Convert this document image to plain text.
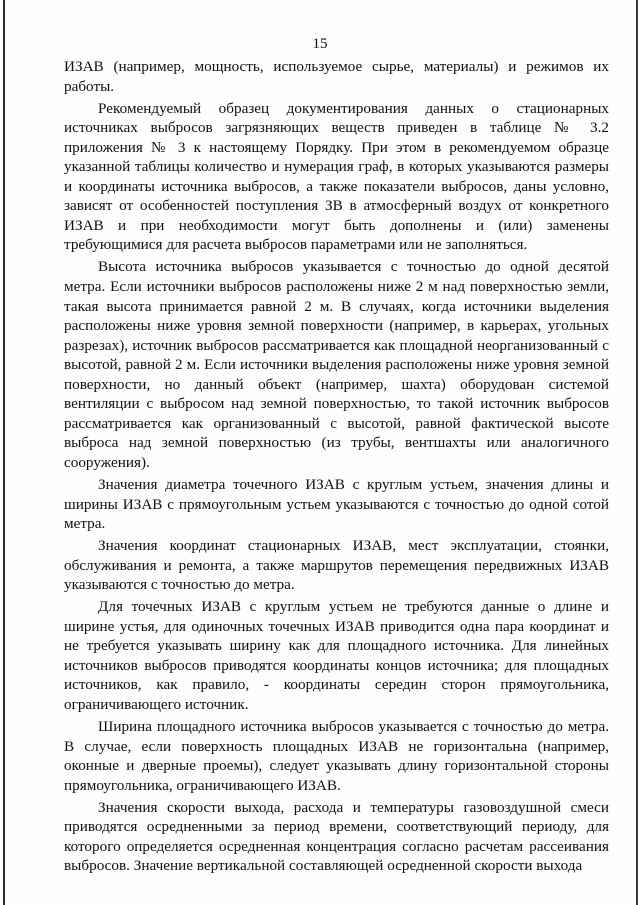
15

ИЗАВ (например, мощность, используемое сырье, материалы) и режимов их работы.

Рекомендуемый образец документирования данных о стационарных источниках выбросов загрязняющих веществ приведен в таблице № 3.2 приложения № 3 к настоящему Порядку. При этом в рекомендуемом образце указанной таблицы количество и нумерация граф, в которых указываются размеры и координаты источника выбросов, а также показатели выбросов, даны условно, зависят от особенностей поступления ЗВ в атмосферный воздух от конкретного ИЗАВ и при необходимости могут быть дополнены и (или) заменены требующимися для расчета выбросов параметрами или не заполняться.

Высота источника выбросов указывается с точностью до одной десятой метра. Если источники выбросов расположены ниже 2 м над поверхностью земли, такая высота принимается равной 2 м. В случаях, когда источники выделения расположены ниже уровня земной поверхности (например, в карьерах, угольных разрезах), источник выбросов рассматривается как площадной неорганизованный с высотой, равной 2 м. Если источники выделения расположены ниже уровня земной поверхности, но данный объект (например, шахта) оборудован системой вентиляции с выбросом над земной поверхностью, то такой источник выбросов рассматривается как организованный с высотой, равной фактической высоте выброса над земной поверхностью (из трубы, вентшахты или аналогичного сооружения).

Значения диаметра точечного ИЗАВ с круглым устьем, значения длины и ширины ИЗАВ с прямоугольным устьем указываются с точностью до одной сотой метра.

Значения координат стационарных ИЗАВ, мест эксплуатации, стоянки, обслуживания и ремонта, а также маршрутов перемещения передвижных ИЗАВ указываются с точностью до метра.

Для точечных ИЗАВ с круглым устьем не требуются данные о длине и ширине устья, для одиночных точечных ИЗАВ приводится одна пара координат и не требуется указывать ширину как для площадного источника. Для линейных источников выбросов приводятся координаты концов источника; для площадных источников, как правило, - координаты середин сторон прямоугольника, ограничивающего источник.

Ширина площадного источника выбросов указывается с точностью до метра. В случае, если поверхность площадных ИЗАВ не горизонтальна (например, оконные и дверные проемы), следует указывать длину горизонтальной стороны прямоугольника, ограничивающего ИЗАВ.

Значения скорости выхода, расхода и температуры газовоздушной смеси приводятся осредненными за период времени, соответствующий периоду, для которого определяется осредненная концентрация согласно расчетам рассеивания выбросов. Значение вертикальной составляющей осредненной скорости выхода
